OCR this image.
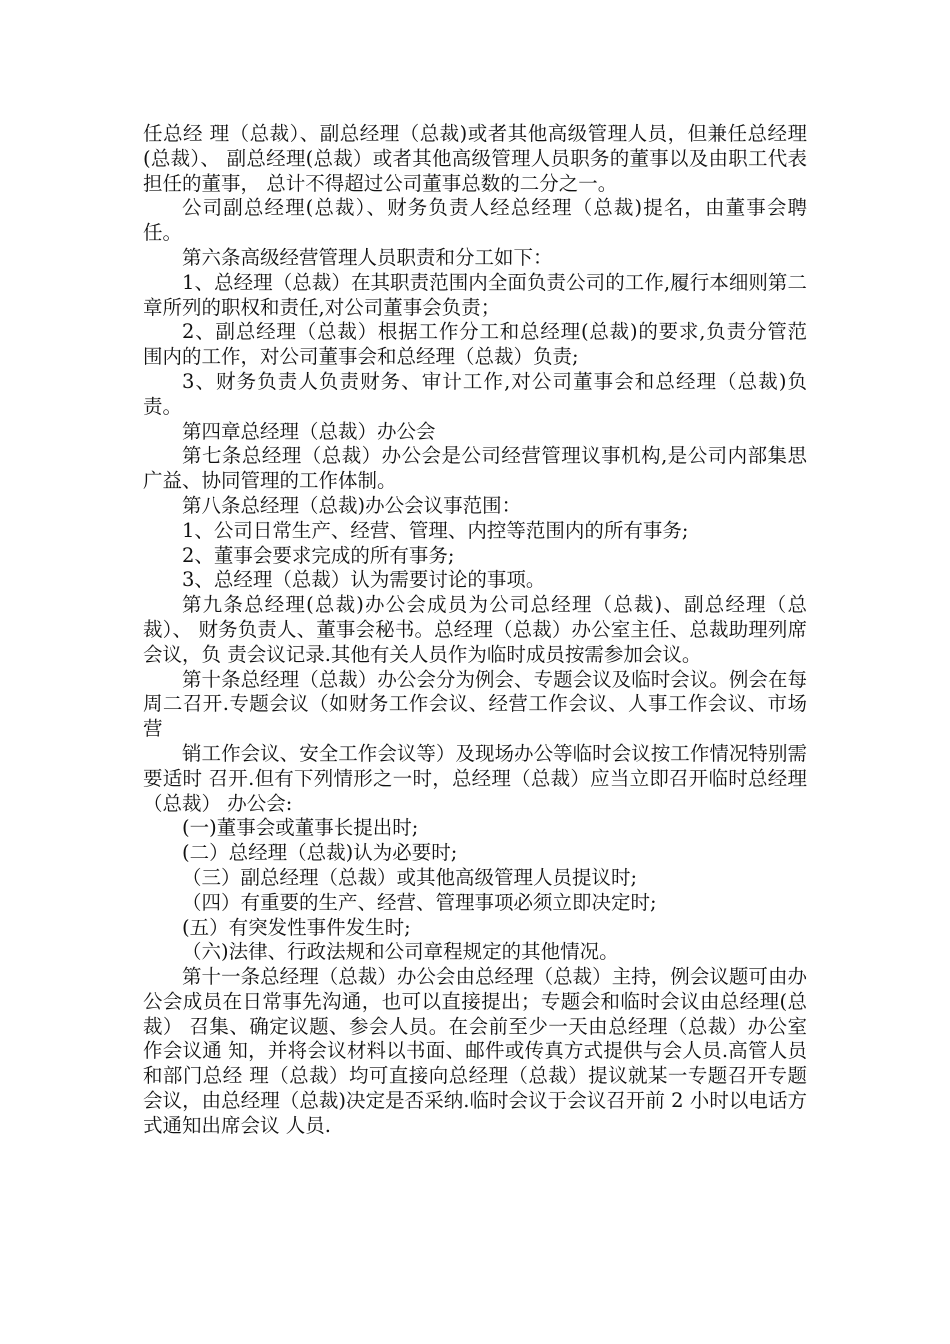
任总经 理（总裁）、副总经理（总裁)或者其他高级管理人员，但兼任总经理(总裁）、 副总经理(总裁）或者其他高级管理人员职务的董事以及由职工代表担任的董事， 总计不得超过公司董事总数的二分之一。

公司副总经理(总裁）、财务负责人经总经理（总裁)提名，由董事会聘任。

第六条高级经营管理人员职责和分工如下：

1、总经理（总裁）在其职责范围内全面负责公司的工作,履行本细则第二 章所列的职权和责任,对公司董事会负责；

2、副总经理（总裁）根据工作分工和总经理(总裁)的要求,负责分管范 围内的工作，对公司董事会和总经理（总裁）负责;

3、财务负责人负责财务、审计工作,对公司董事会和总经理（总裁)负责。

第四章总经理（总裁）办公会

第七条总经理（总裁）办公会是公司经营管理议事机构,是公司内部集思 广益、协同管理的工作体制。

第八条总经理（总裁)办公会议事范围：

1、公司日常生产、经营、管理、内控等范围内的所有事务;

2、董事会要求完成的所有事务;

3、总经理（总裁）认为需要讨论的事项。

第九条总经理(总裁)办公会成员为公司总经理（总裁)、副总经理（总裁）、 财务负责人、董事会秘书。总经理（总裁）办公室主任、总裁助理列席会议，负 责会议记录.其他有关人员作为临时成员按需参加会议。

第十条总经理（总裁）办公会分为例会、专题会议及临时会议。例会在每 周二召开.专题会议（如财务工作会议、经营工作会议、人事工作会议、市场营

销工作会议、安全工作会议等）及现场办公等临时会议按工作情况特别需要适时 召开.但有下列情形之一时，总经理（总裁）应当立即召开临时总经理（总裁） 办公会:

(一)董事会或董事长提出时;

(二）总经理（总裁)认为必要时;

（三）副总经理（总裁）或其他高级管理人员提议时;

（四）有重要的生产、经营、管理事项必须立即决定时;

(五）有突发性事件发生时;

（六)法律、行政法规和公司章程规定的其他情况。

第十一条总经理（总裁）办公会由总经理（总裁）主持，例会议题可由办 公会成员在日常事先沟通，也可以直接提出；专题会和临时会议由总经理(总裁） 召集、确定议题、参会人员。在会前至少一天由总经理（总裁）办公室作会议通 知，并将会议材料以书面、邮件或传真方式提供与会人员.高管人员和部门总经 理（总裁）均可直接向总经理（总裁）提议就某一专题召开专题会议，由总经理（总裁)决定是否采纳.临时会议于会议召开前 2 小时以电话方式通知出席会议 人员.
